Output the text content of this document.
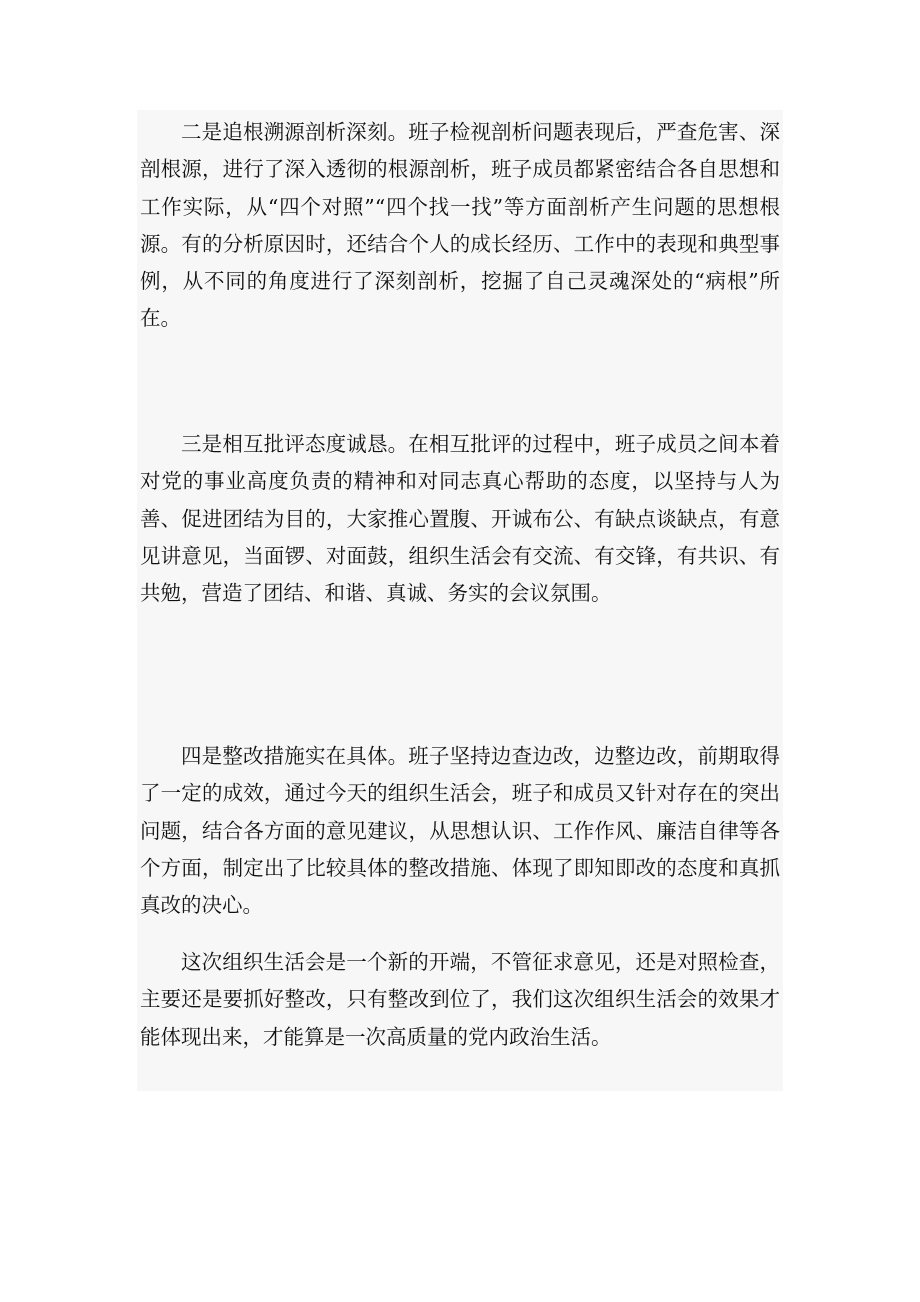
二是追根溯源剖析深刻。班子检视剖析问题表现后，严查危害、深剖根源，进行了深入透彻的根源剖析，班子成员都紧密结合各自思想和工作实际，从“四个对照”“四个找一找”等方面剖析产生问题的思想根源。有的分析原因时，还结合个人的成长经历、工作中的表现和典型事例，从不同的角度进行了深刻剖析，挖掘了自己灵魂深处的“病根”所在。

三是相互批评态度诚恳。在相互批评的过程中，班子成员之间本着对党的事业高度负责的精神和对同志真心帮助的态度，以坚持与人为善、促进团结为目的，大家推心置腹、开诚布公、有缺点谈缺点，有意见讲意见，当面锣、对面鼓，组织生活会有交流、有交锋，有共识、有共勉，营造了团结、和谐、真诚、务实的会议氛围。

四是整改措施实在具体。班子坚持边查边改，边整边改，前期取得了一定的成效，通过今天的组织生活会，班子和成员又针对存在的突出问题，结合各方面的意见建议，从思想认识、工作作风、廉洁自律等各个方面，制定出了比较具体的整改措施、体现了即知即改的态度和真抓真改的决心。

这次组织生活会是一个新的开端，不管征求意见，还是对照检查，主要还是要抓好整改，只有整改到位了，我们这次组织生活会的效果才能体现出来，才能算是一次高质量的党内政治生活。
